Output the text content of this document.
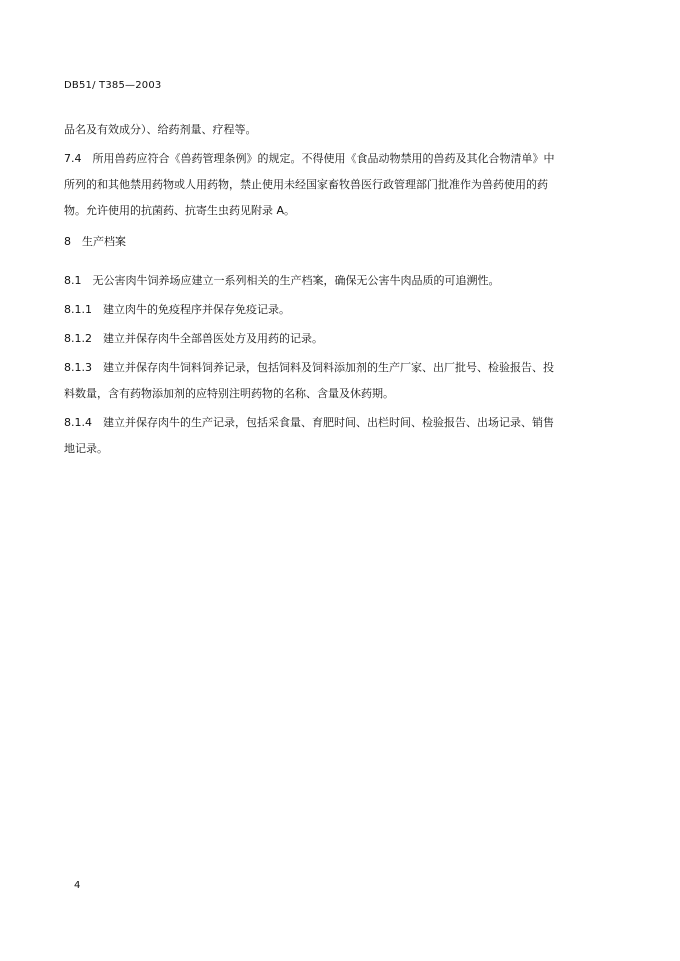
DB51/ T385—2003
品名及有效成分）、给药剂量、疗程等。
7.4　所用兽药应符合《兽药管理条例》的规定。不得使用《食品动物禁用的兽药及其化合物清单》中
所列的和其他禁用药物或人用药物，禁止使用未经国家畜牧兽医行政管理部门批准作为兽药使用的药
物。允许使用的抗菌药、抗寄生虫药见附录 A。
8　生产档案
8.1　无公害肉牛饲养场应建立一系列相关的生产档案，确保无公害牛肉品质的可追溯性。
8.1.1　建立肉牛的免疫程序并保存免疫记录。
8.1.2　建立并保存肉牛全部兽医处方及用药的记录。
8.1.3　建立并保存肉牛饲料饲养记录，包括饲料及饲料添加剂的生产厂家、出厂批号、检验报告、投
料数量，含有药物添加剂的应特别注明药物的名称、含量及休药期。
8.1.4　建立并保存肉牛的生产记录，包括采食量、育肥时间、出栏时间、检验报告、出场记录、销售
地记录。
4
